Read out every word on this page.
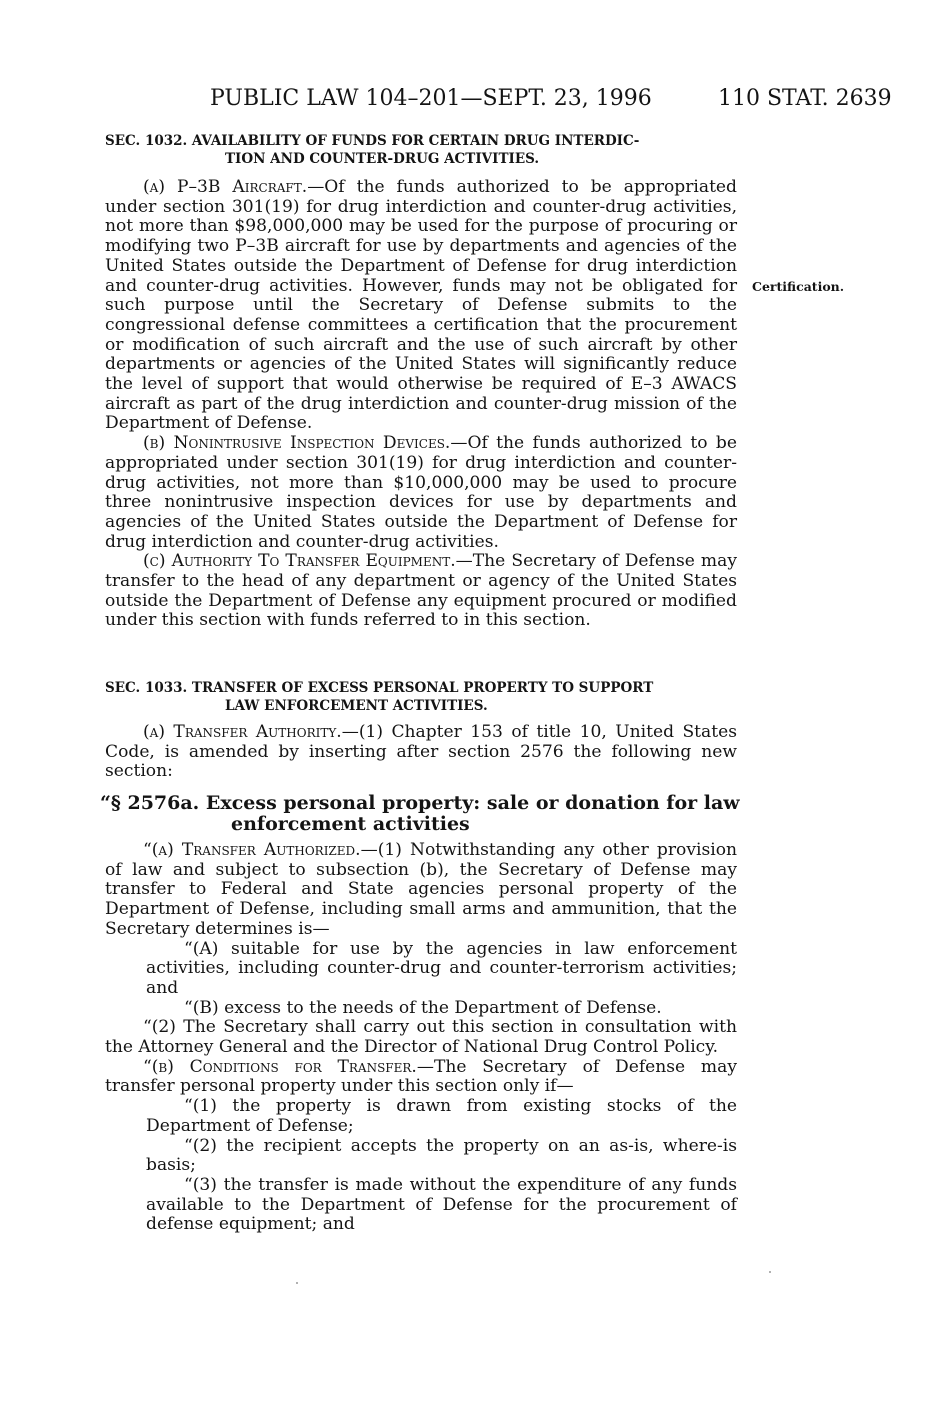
PUBLIC LAW 104–201—SEPT. 23, 1996	110 STAT. 2639
SEC. 1032. AVAILABILITY OF FUNDS FOR CERTAIN DRUG INTERDIC-
TION AND COUNTER-DRUG ACTIVITIES.
Certification.

(a) P–3B Aircraft.—Of the funds authorized to be appropriated under section 301(19) for drug interdiction and counter-drug activities, not more than $98,000,000 may be used for the purpose of procuring or modifying two P–3B aircraft for use by departments and agencies of the United States outside the Department of Defense for drug interdiction and counter-drug activities. However, funds may not be obligated for such purpose until the Secretary of Defense submits to the congressional defense committees a certification that the procurement or modification of such aircraft and the use of such aircraft by other departments or agencies of the United States will significantly reduce the level of support that would otherwise be required of E–3 AWACS aircraft as part of the drug interdiction and counter-drug mission of the Department of Defense.

(b) Nonintrusive Inspection Devices.—Of the funds authorized to be appropriated under section 301(19) for drug interdiction and counter-drug activities, not more than $10,000,000 may be used to procure three nonintrusive inspection devices for use by departments and agencies of the United States outside the Department of Defense for drug interdiction and counter-drug activities.

(c) Authority To Transfer Equipment.—The Secretary of Defense may transfer to the head of any department or agency of the United States outside the Department of Defense any equipment procured or modified under this section with funds referred to in this section.

SEC. 1033. TRANSFER OF EXCESS PERSONAL PROPERTY TO SUPPORT
LAW ENFORCEMENT ACTIVITIES.

(a) Transfer Authority.—(1) Chapter 153 of title 10, United States Code, is amended by inserting after section 2576 the following new section:

“§ 2576a. Excess personal property: sale or donation for law
enforcement activities

“(a) Transfer Authorized.—(1) Notwithstanding any other provision of law and subject to subsection (b), the Secretary of Defense may transfer to Federal and State agencies personal property of the Department of Defense, including small arms and ammunition, that the Secretary determines is—

“(A) suitable for use by the agencies in law enforcement activities, including counter-drug and counter-terrorism activities; and

“(B) excess to the needs of the Department of Defense.

“(2) The Secretary shall carry out this section in consultation with the Attorney General and the Director of National Drug Control Policy.

“(b) Conditions for Transfer.—The Secretary of Defense may transfer personal property under this section only if—

“(1) the property is drawn from existing stocks of the Department of Defense;

“(2) the recipient accepts the property on an as-is, where-is basis;

“(3) the transfer is made without the expenditure of any funds available to the Department of Defense for the procurement of defense equipment; and
